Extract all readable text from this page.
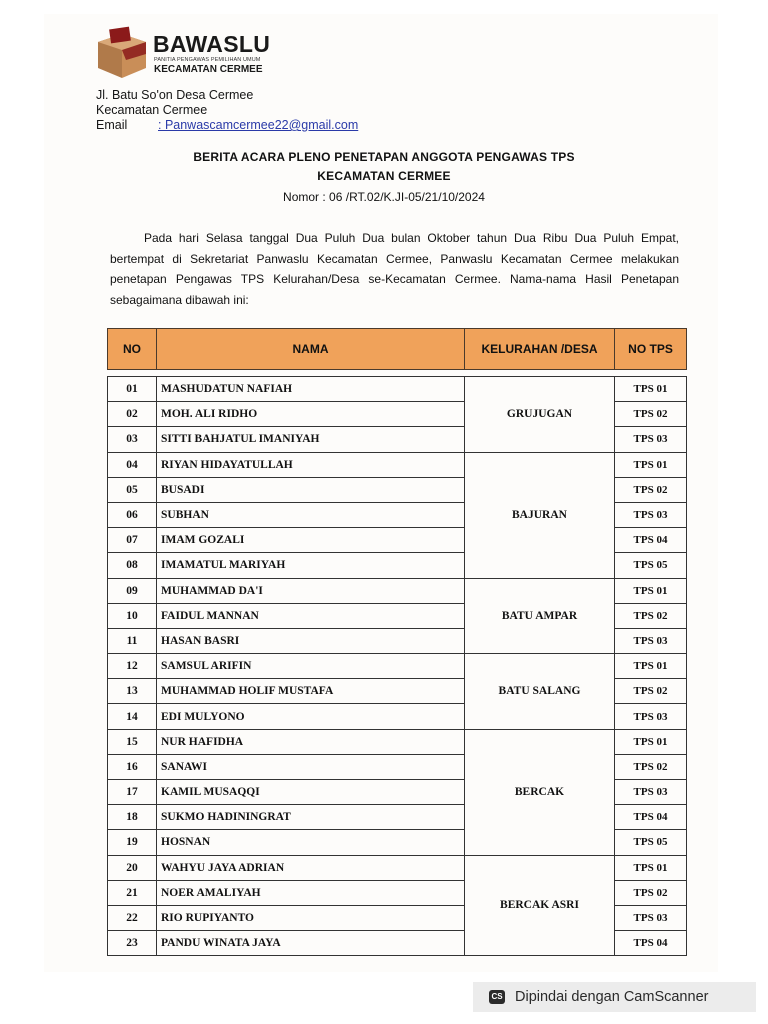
BAWASLU
PANITIA PENGAWAS PEMILIHAN UMUM
KECAMATAN CERMEE
Jl. Batu So'on Desa Cermee
Kecamatan Cermee
Email : Panwascamcermee22@gmail.com
BERITA ACARA PLENO PENETAPAN ANGGOTA PENGAWAS TPS
KECAMATAN CERMEE
Nomor : 06 /RT.02/K.JI-05/21/10/2024
Pada hari Selasa tanggal Dua Puluh Dua bulan Oktober tahun Dua Ribu Dua Puluh Empat,
bertempat di Sekretariat Panwaslu Kecamatan Cermee, Panwaslu Kecamatan Cermee melakukan
penetapan Pengawas TPS Kelurahan/Desa se-Kecamatan Cermee. Nama-nama Hasil Penetapan
sebagaimana dibawah ini:
NO	NAMA	KELURAHAN /DESA	NO TPS

01	MASHUDATUN NAFIAH	GRUJUGAN	TPS 01
02	MOH. ALI RIDHO		TPS 02
03	SITTI BAHJATUL IMANIYAH		TPS 03
04	RIYAN HIDAYATULLAH	BAJURAN	TPS 01
05	BUSADI		TPS 02
06	SUBHAN		TPS 03
07	IMAM GOZALI		TPS 04
08	IMAMATUL MARIYAH		TPS 05
09	MUHAMMAD DA'I	BATU AMPAR	TPS 01
10	FAIDUL MANNAN		TPS 02
11	HASAN BASRI		TPS 03
12	SAMSUL ARIFIN	BATU SALANG	TPS 01
13	MUHAMMAD HOLIF MUSTAFA		TPS 02
14	EDI MULYONO		TPS 03
15	NUR HAFIDHA	BERCAK	TPS 01
16	SANAWI		TPS 02
17	KAMIL MUSAQQI		TPS 03
18	SUKMO HADININGRAT		TPS 04
19	HOSNAN		TPS 05
20	WAHYU JAYA ADRIAN	BERCAK ASRI	TPS 01
21	NOER AMALIYAH		TPS 02
22	RIO RUPIYANTO		TPS 03
23	PANDU WINATA JAYA		TPS 04
CS Dipindai dengan CamScanner
